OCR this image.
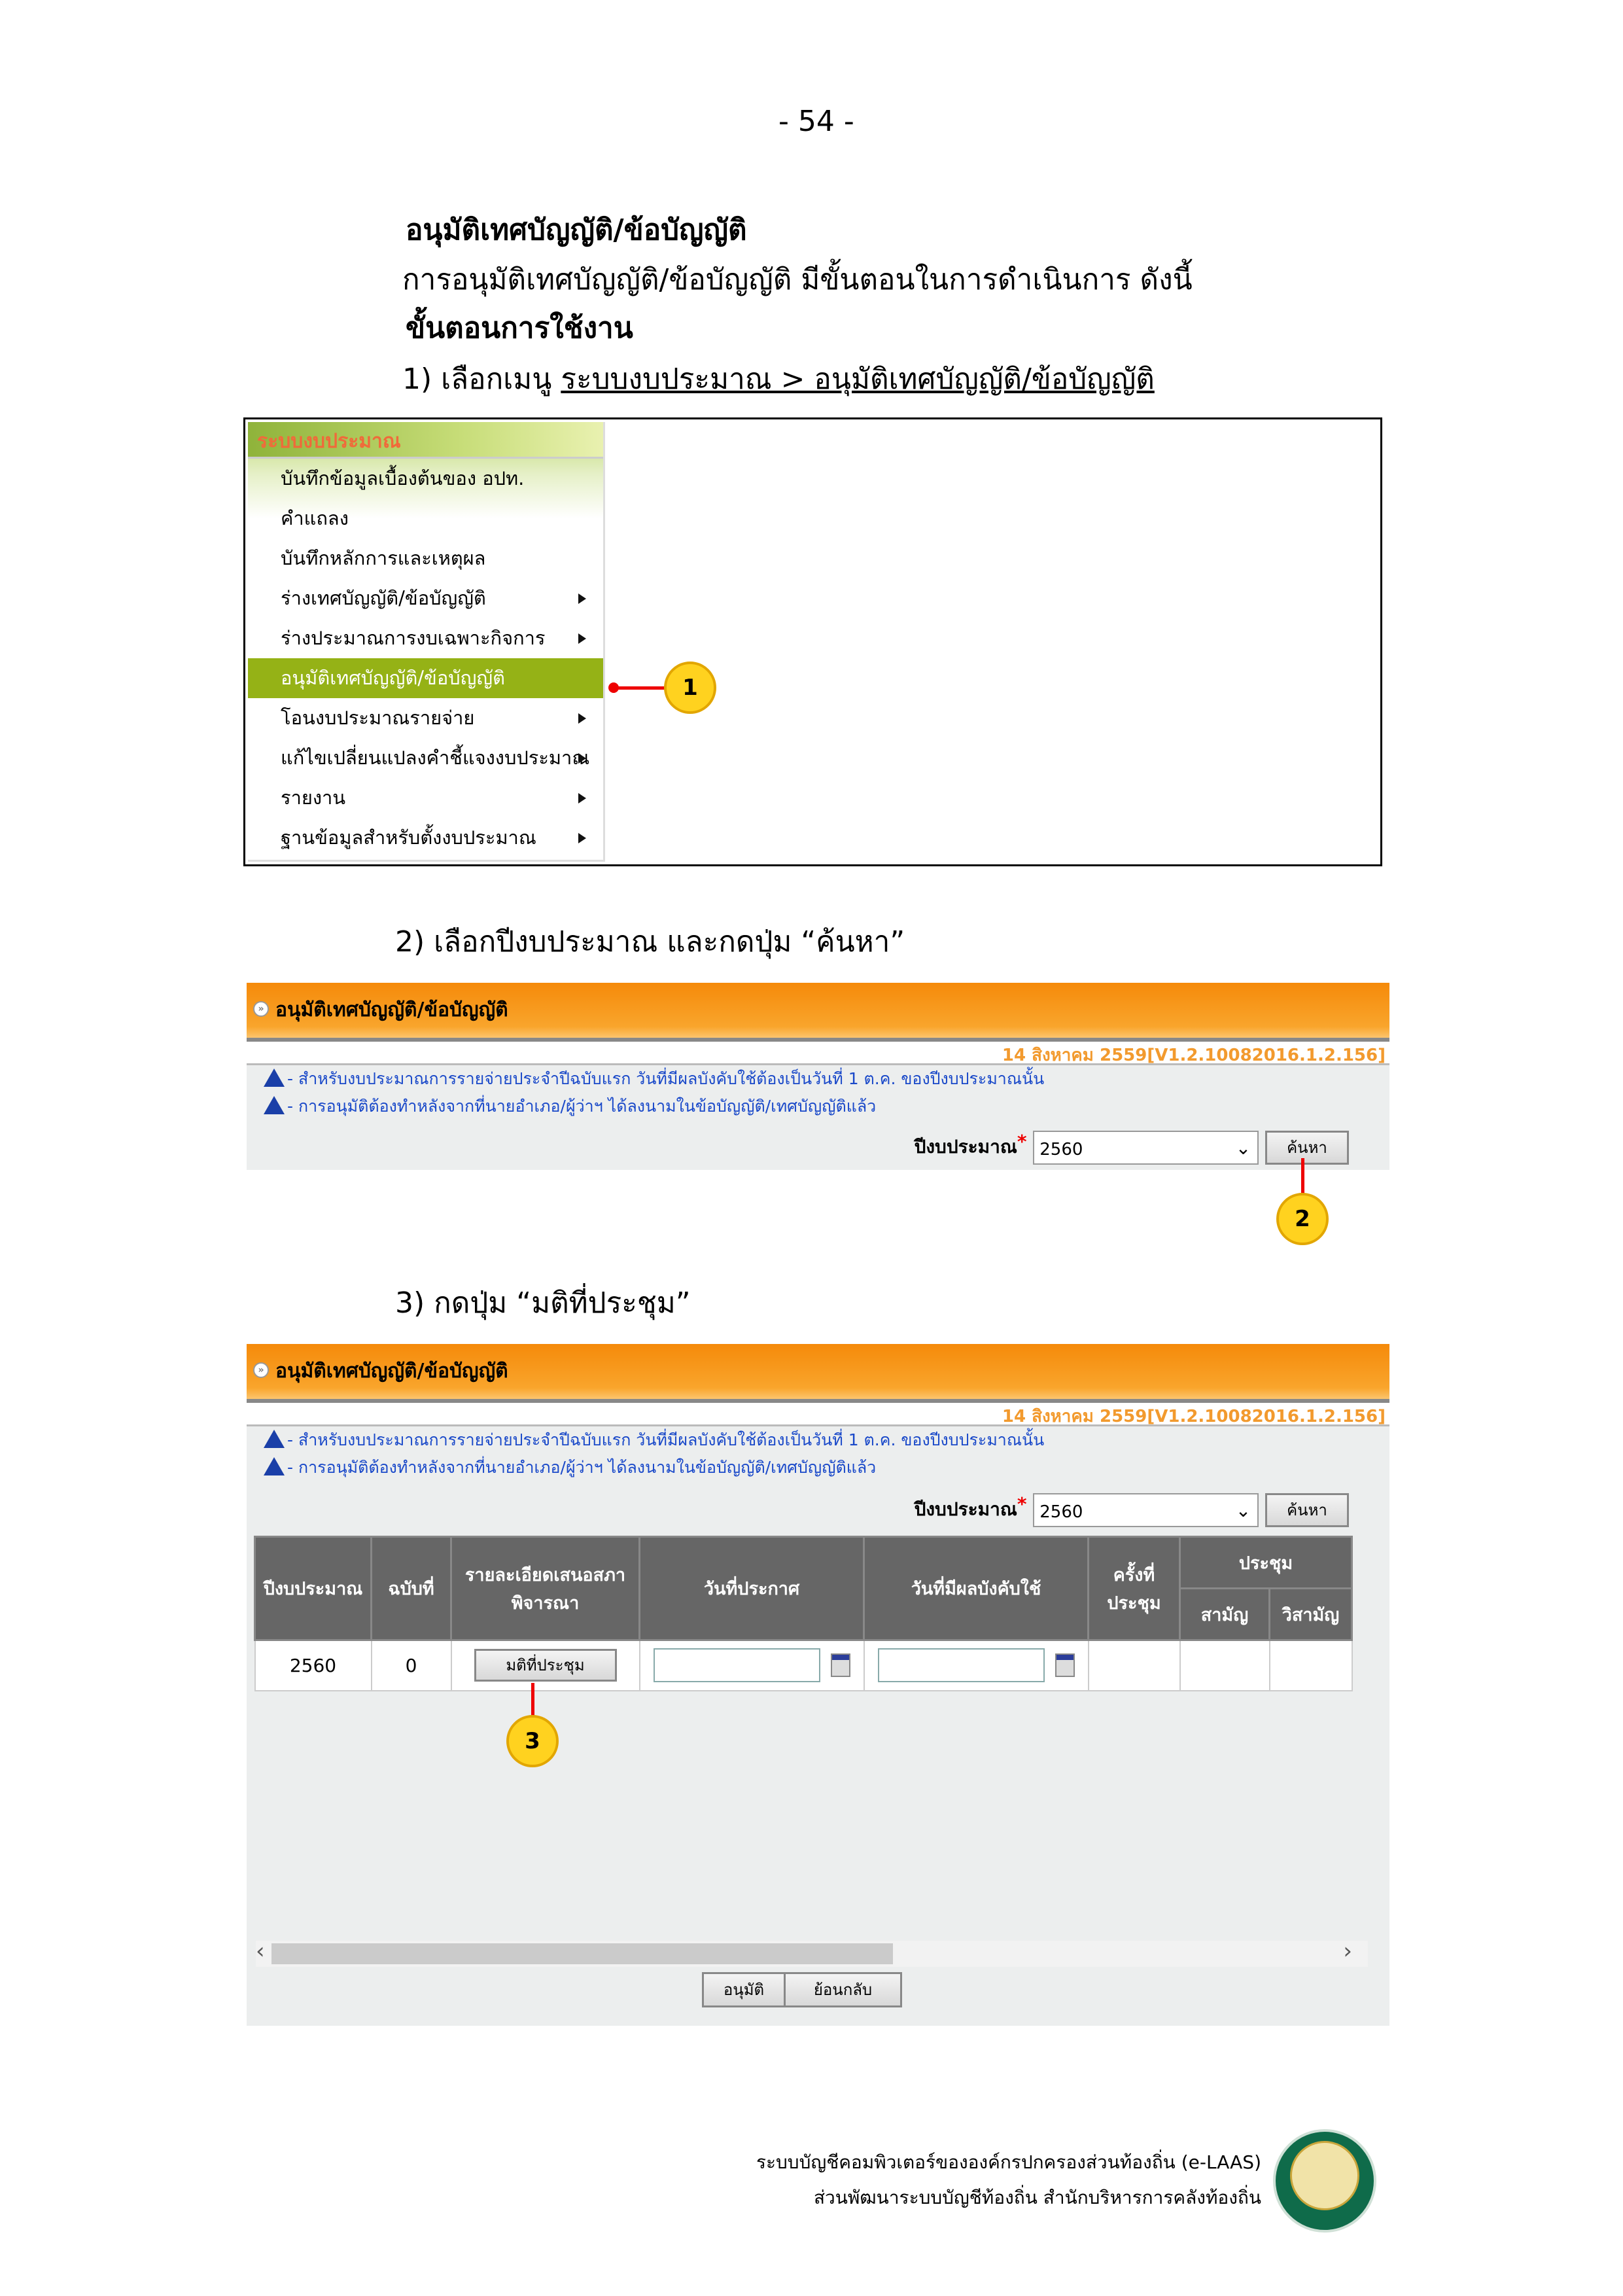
- 54 -
อนุมัติเทศบัญญัติ/ข้อบัญญัติ
การอนุมัติเทศบัญญัติ/ข้อบัญญัติ มีขั้นตอนในการดำเนินการ ดังนี้
ขั้นตอนการใช้งาน
1) เลือกเมนู ระบบงบประมาณ > อนุมัติเทศบัญญัติ/ข้อบัญญัติ
ระบบงบประมาณ
บันทึกข้อมูลเบื้องต้นของ อปท.
คำแถลง
บันทึกหลักการและเหตุผล
ร่างเทศบัญญัติ/ข้อบัญญัติ
ร่างประมาณการงบเฉพาะกิจการ
อนุมัติเทศบัญญัติ/ข้อบัญญัติ
โอนงบประมาณรายจ่าย
แก้ไขเปลี่ยนแปลงคำชี้แจงงบประมาณ
รายงาน
ฐานข้อมูลสำหรับตั้งงบประมาณ
1
2) เลือกปีงบประมาณ และกดปุ่ม “ค้นหา”
» อนุมัติเทศบัญญัติ/ข้อบัญญัติ
14 สิงหาคม 2559[V1.2.10082016.1.2.156]
- สำหรับงบประมาณการรายจ่ายประจำปีฉบับแรก วันที่มีผลบังคับใช้ต้องเป็นวันที่ 1 ต.ค. ของปีงบประมาณนั้น
- การอนุมัติต้องทำหลังจากที่นายอำเภอ/ผู้ว่าฯ ได้ลงนามในข้อบัญญัติ/เทศบัญญัติแล้ว
ปีงบประมาณ* 2560	⌄ ค้นหา
2
3) กดปุ่ม “มติที่ประชุม”
» อนุมัติเทศบัญญัติ/ข้อบัญญัติ
14 สิงหาคม 2559[V1.2.10082016.1.2.156]
- สำหรับงบประมาณการรายจ่ายประจำปีฉบับแรก วันที่มีผลบังคับใช้ต้องเป็นวันที่ 1 ต.ค. ของปีงบประมาณนั้น
- การอนุมัติต้องทำหลังจากที่นายอำเภอ/ผู้ว่าฯ ได้ลงนามในข้อบัญญัติ/เทศบัญญัติแล้ว
ปีงบประมาณ* 2560	⌄ ค้นหา
‹	›
อนุมัติ	ย้อนกลับ
ปีงบประมาณ	ฉบับที่	รายละเอียดเสนอสภาพิจารณา	วันที่ประกาศ	วันที่มีผลบังคับใช้	ครั้งที่ประชุม	ประชุม	
						สามัญ	วิสามัญ
2560	0	มติที่ประชุม					
3
ระบบบัญชีคอมพิวเตอร์ขององค์กรปกครองส่วนท้องถิ่น (e-LAAS)
ส่วนพัฒนาระบบบัญชีท้องถิ่น สำนักบริหารการคลังท้องถิ่น
